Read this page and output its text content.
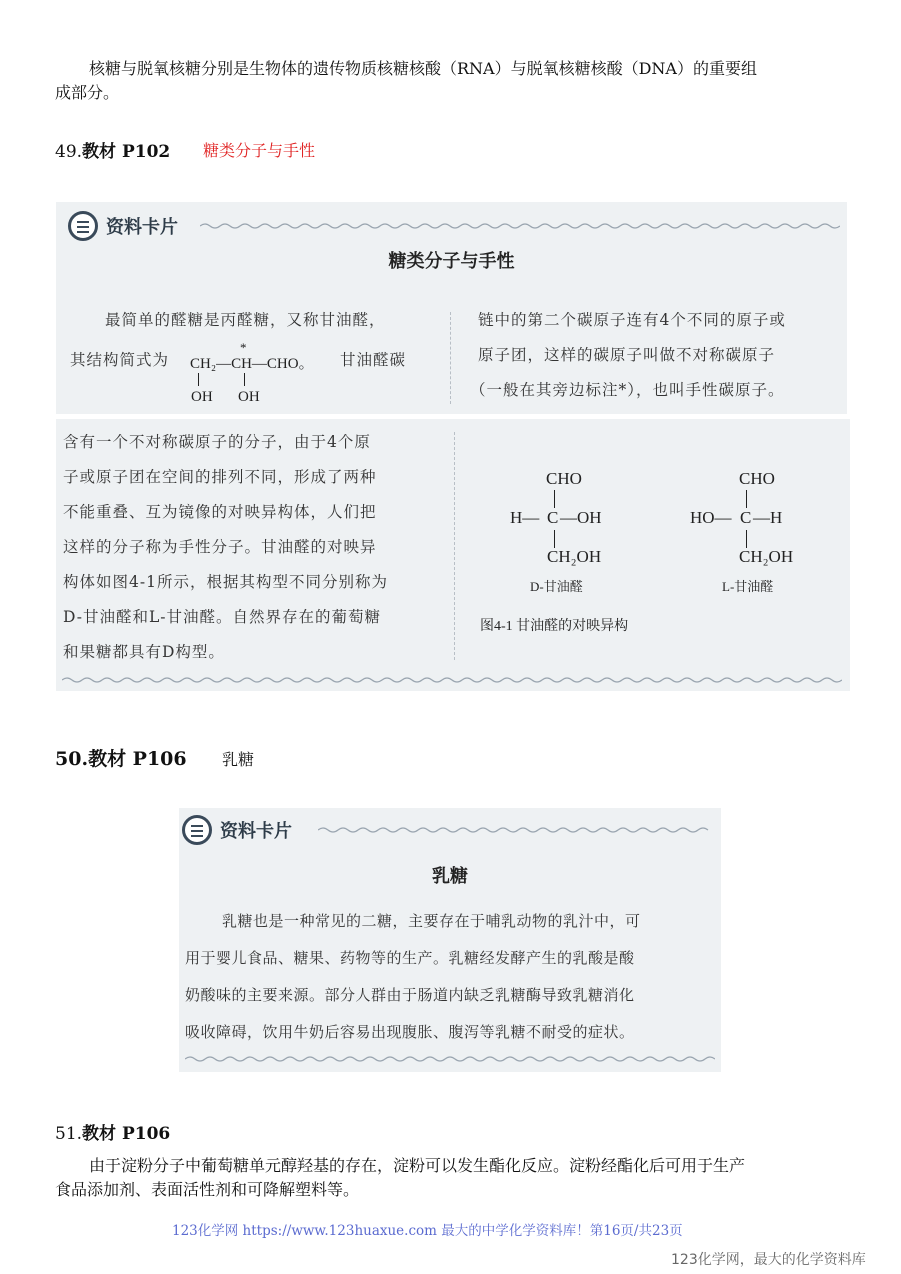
核糖与脱氧核糖分别是生物体的遗传物质核糖核酸（RNA）与脱氧核糖核酸（DNA）的重要组
成部分。
49.教材 P102 糖类分子与手性
资料卡片
糖类分子与手性
最简单的醛糖是丙醛糖，又称甘油醛，
其结构简式为
*
CH₂—CH—CHO。 甘油醛碳
OH OH
链中的第二个碳原子连有4个不同的原子或
原子团，这样的碳原子叫做不对称碳原子
（一般在其旁边标注*），也叫手性碳原子。
含有一个不对称碳原子的分子，由于4个原
子或原子团在空间的排列不同，形成了两种
不能重叠、互为镜像的对映异构体，人们把
这样的分子称为手性分子。甘油醛的对映异
构体如图4-1所示，根据其构型不同分别称为
D-甘油醛和L-甘油醛。自然界存在的葡萄糖
和果糖都具有D构型。
CHO
H— C —OH
CH₂OH
D-甘油醛
CHO
HO— C —H
CH₂OH
L-甘油醛
图4-1 甘油醛的对映异构
50.教材 P106 乳糖
资料卡片
乳糖
乳糖也是一种常见的二糖，主要存在于哺乳动物的乳汁中，可
用于婴儿食品、糖果、药物等的生产。乳糖经发酵产生的乳酸是酸
奶酸味的主要来源。部分人群由于肠道内缺乏乳糖酶导致乳糖消化
吸收障碍，饮用牛奶后容易出现腹胀、腹泻等乳糖不耐受的症状。
51.教材 P106
由于淀粉分子中葡萄糖单元醇羟基的存在，淀粉可以发生酯化反应。淀粉经酯化后可用于生产
食品添加剂、表面活性剂和可降解塑料等。
123化学网 https://www.123huaxue.com 最大的中学化学资料库！第16页/共23页
123化学网，最大的化学资料库
